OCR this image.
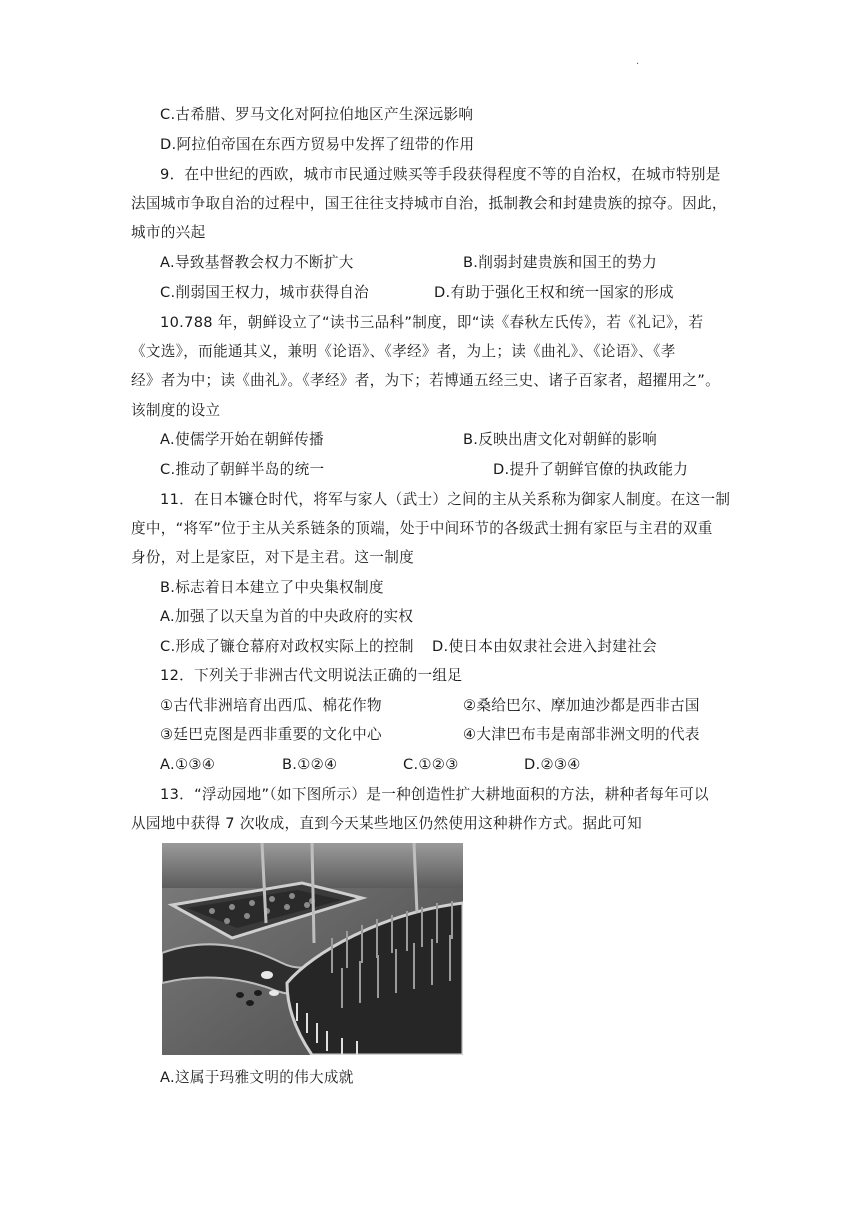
.
C.古希腊、罗马文化对阿拉伯地区产生深远影响
D.阿拉伯帝国在东西方贸易中发挥了纽带的作用
9．在中世纪的西欧，城市市民通过赎买等手段获得程度不等的自治权，在城市特别是
法国城市争取自治的过程中，国王往往支持城市自治，抵制教会和封建贵族的掠夺。因此，
城市的兴起
A.导致基督教会权力不断扩大	B.削弱封建贵族和国王的势力
C.削弱国王权力，城市获得自治	D.有助于强化王权和统一国家的形成
10.788 年，朝鲜设立了“读书三品科”制度，即“读《春秋左氏传》，若《礼记》，若
《文选》，而能通其义，兼明《论语》、《孝经》者，为上；读《曲礼》、《论语》、《孝
经》者为中；读《曲礼》。《孝经》者，为下；若博通五经三史、诸子百家者，超擢用之”。
该制度的设立
A.使儒学开始在朝鲜传播	B.反映出唐文化对朝鲜的影响
C.推动了朝鲜半岛的统一	D.提升了朝鲜官僚的执政能力
11．在日本镰仓时代，将军与家人（武士）之间的主从关系称为御家人制度。在这一制
度中，“将军”位于主从关系链条的顶端，处于中间环节的各级武士拥有家臣与主君的双重
身份，对上是家臣，对下是主君。这一制度
B.标志着日本建立了中央集权制度
A.加强了以天皇为首的中央政府的实权
C.形成了镰仓幕府对政权实际上的控制 D.使日本由奴隶社会进入封建社会
12．下列关于非洲古代文明说法正确的一组足
①古代非洲培育出西瓜、棉花作物	②桑给巴尔、摩加迪沙都是西非古国
③廷巴克图是西非重要的文化中心	④大津巴布韦是南部非洲文明的代表
A.①③④	B.①②④	C.①②③	D.②③④
13．“浮动园地”（如下图所示）是一种创造性扩大耕地面积的方法，耕种者每年可以
从园地中获得 7 次收成，直到今天某些地区仍然使用这种耕作方式。据此可知
A.这属于玛雅文明的伟大成就
